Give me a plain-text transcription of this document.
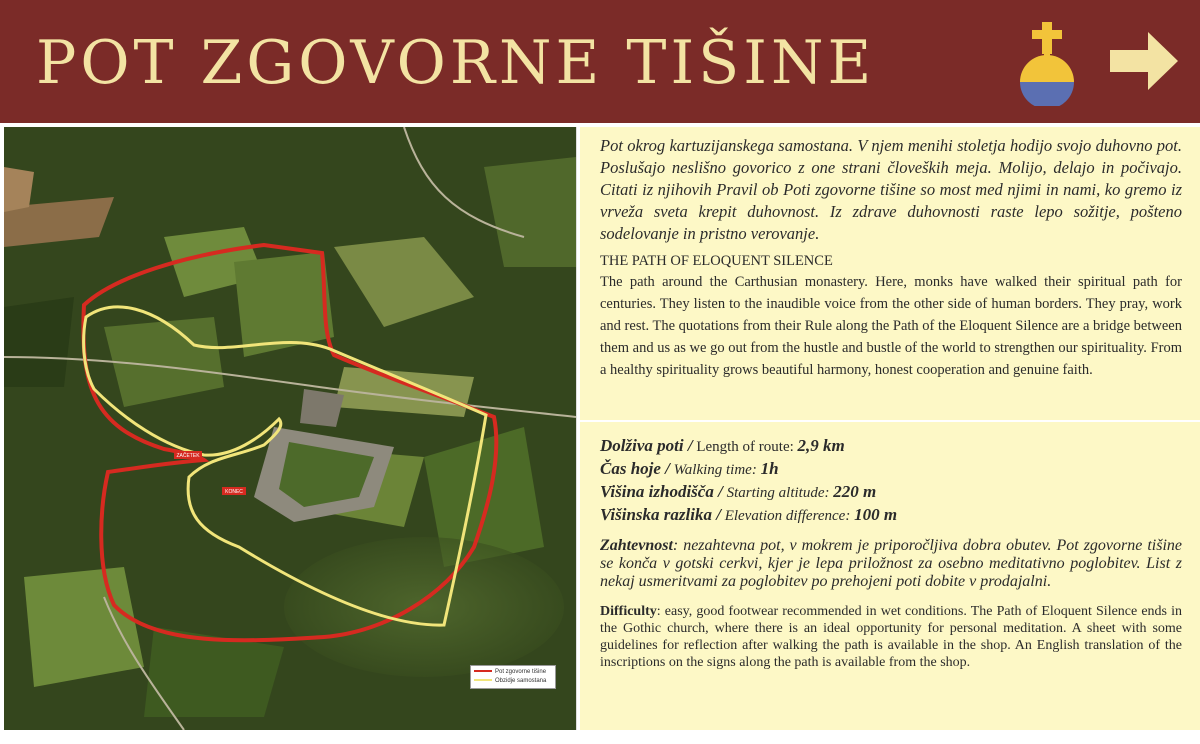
POT ZGOVORNE TIŠINE
ZAČETEK
KONEC
Pot zgovorne tišine
Obzidje samostana
Pot okrog kartuzijanskega samostana. V njem menihi stoletja hodijo svojo duhovno pot. Poslušajo neslišno govorico z one strani človeških meja. Molijo, delajo in počivajo. Citati iz njihovih Pravil ob Poti zgovorne tišine so most med njimi in nami, ko gremo iz vrveža sveta krepit duhovnost. Iz zdrave duhovnosti raste lepo sožitje, pošteno sodelovanje in pristno verovanje.
THE PATH OF ELOQUENT SILENCE
The path around the Carthusian monastery. Here, monks have walked their spiritual path for centuries. They listen to the inaudible voice from the other side of human borders. They pray, work and rest. The quotations from their Rule along the Path of the Eloquent Silence are a bridge between them and us as we go out from the hustle and bustle of the world to strengthen our spirituality. From a healthy spirituality grows beautiful harmony, honest cooperation and genuine faith.
Dolživa poti / Length of route: 2,9 km
Čas hoje / Walking time: 1h
Višina izhodišča / Starting altitude: 220 m
Višinska razlika / Elevation difference: 100 m
Zahtevnost: nezahtevna pot, v mokrem je priporočljiva dobra obutev. Pot zgovorne tišine se konča v gotski cerkvi, kjer je lepa priložnost za osebno meditativno poglobitev. List z nekaj usmeritvami za poglobitev po prehojeni poti dobite v prodajalni.
Difficulty: easy, good footwear recommended in wet conditions. The Path of Eloquent Silence ends in the Gothic church, where there is an ideal opportunity for personal meditation. A sheet with some guidelines for reflection after walking the path is available in the shop. An English translation of the inscriptions on the signs along the path is available from the shop.
